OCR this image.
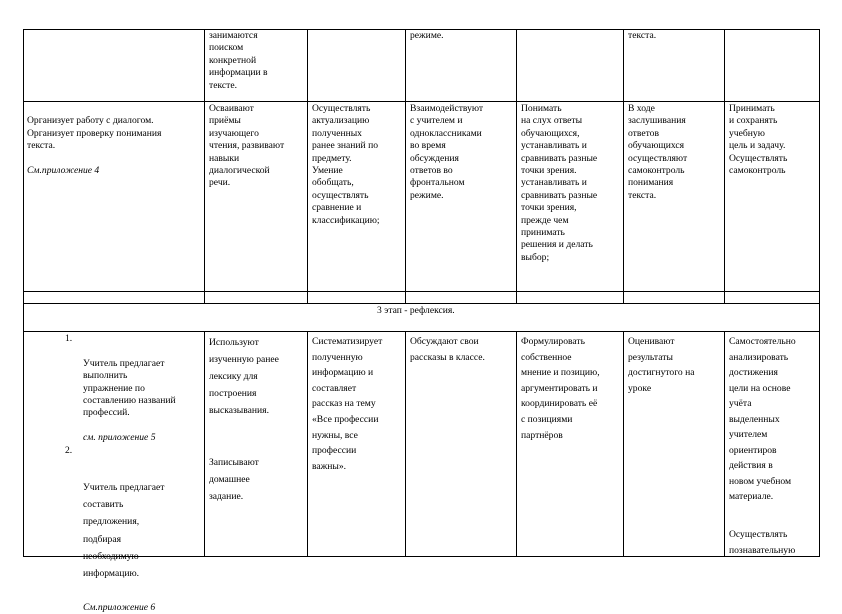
занимаются
поиском
конкретной
информации в
тексте.
режиме.	текста.

Организует работу с диалогом.
Организует проверку понимания
текста.

См.приложение 4

Осваивают
приёмы
изучающего
чтения, развивают
навыки
диалогической
речи.
Осуществлять
актуализацию
полученных
ранее знаний по
предмету.
Умение
обобщать,
осуществлять
сравнение и
классификацию;
Взаимодействуют
с учителем и
одноклассниками
во время
обсуждения
ответов во
фронтальном
режиме.
Понимать
на слух ответы
обучающихся,
устанавливать и
сравнивать разные
точки зрения.
устанавливать и
сравнивать разные
точки зрения,
прежде чем
принимать
решения и делать
выбор;
В ходе
заслушивания
ответов
обучающихся
осуществляют
самоконтроль
понимания
текста.
Принимать
и сохранять
учебную
цель и задачу.
Осуществлять
самоконтроль
3 этап - рефлексия.

1.

Учитель предлагает
выполнить
упражнение по
составлению названий
профессий.

см. приложение 5

2.

Учитель предлагает
составить
предложения,
подбирая
необходимую
информацию.

См.приложение 6

Используют
изученную ранее
лексику для
построения
высказывания.
Записывают
домашнее
задание.
Систематизирует
полученную
информацию и
составляет
рассказ на тему
«Все профессии
нужны, все
профессии
важны».
Обсуждают свои
рассказы в классе.
Формулировать
собственное
мнение и позицию,
аргументировать и
координировать её
с позициями
партнёров
Оценивают
результаты
достигнутого на
уроке
Самостоятельно
анализировать
достижения
цели на основе
учёта
выделенных
учителем
ориентиров
действия в
новом учебном
материале.
Осуществлять
познавательную
